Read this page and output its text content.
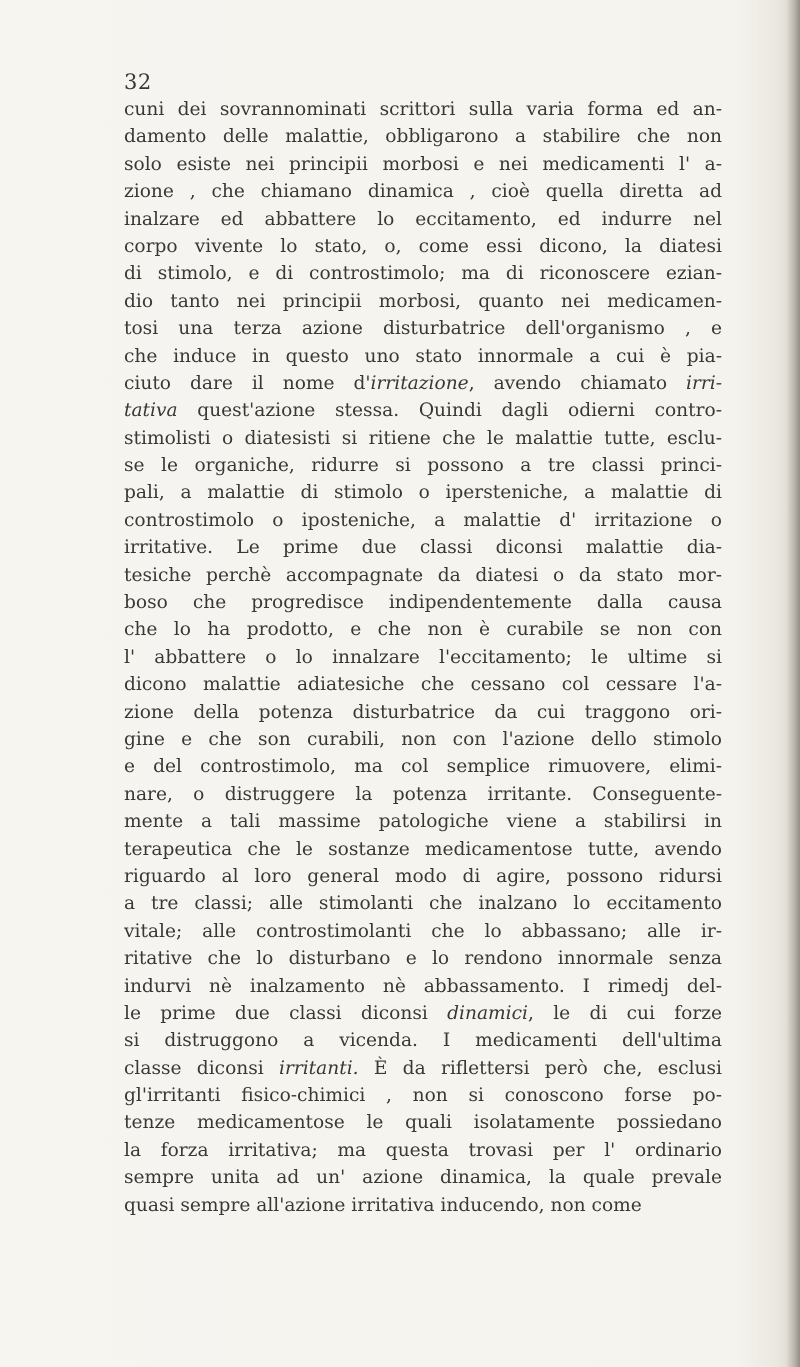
32
cuni dei sovrannominati scrittori sulla varia forma ed an-
damento delle malattie, obbligarono a stabilire che non
solo esiste nei principii morbosi e nei medicamenti l' a-
zione , che chiamano dinamica , cioè quella diretta ad
inalzare ed abbattere lo eccitamento, ed indurre nel
corpo vivente lo stato, o, come essi dicono, la diatesi
di stimolo, e di controstimolo; ma di riconoscere ezian-
dio tanto nei principii morbosi, quanto nei medicamen-
tosi una terza azione disturbatrice dell'organismo , e
che induce in questo uno stato innormale a cui è pia-
ciuto dare il nome d'irritazione, avendo chiamato irri-
tativa quest'azione stessa. Quindi dagli odierni contro-
stimolisti o diatesisti si ritiene che le malattie tutte, esclu-
se le organiche, ridurre si possono a tre classi princi-
pali, a malattie di stimolo o ipersteniche, a malattie di
controstimolo o iposteniche, a malattie d' irritazione o
irritative. Le prime due classi diconsi malattie dia-
tesiche perchè accompagnate da diatesi o da stato mor-
boso che progredisce indipendentemente dalla causa
che lo ha prodotto, e che non è curabile se non con
l' abbattere o lo innalzare l'eccitamento; le ultime si
dicono malattie adiatesiche che cessano col cessare l'a-
zione della potenza disturbatrice da cui traggono ori-
gine e che son curabili, non con l'azione dello stimolo
e del controstimolo, ma col semplice rimuovere, elimi-
nare, o distruggere la potenza irritante. Conseguente-
mente a tali massime patologiche viene a stabilirsi in
terapeutica che le sostanze medicamentose tutte, avendo
riguardo al loro general modo di agire, possono ridursi
a tre classi; alle stimolanti che inalzano lo eccitamento
vitale; alle controstimolanti che lo abbassano; alle ir-
ritative che lo disturbano e lo rendono innormale senza
indurvi nè inalzamento nè abbassamento. I rimedj del-
le prime due classi diconsi dinamici, le di cui forze
si distruggono a vicenda. I medicamenti dell'ultima
classe diconsi irritanti. È da riflettersi però che, esclusi
gl'irritanti fisico-chimici , non si conoscono forse po-
tenze medicamentose le quali isolatamente possiedano
la forza irritativa; ma questa trovasi per l' ordinario
sempre unita ad un' azione dinamica, la quale prevale
quasi sempre all'azione irritativa inducendo, non come
